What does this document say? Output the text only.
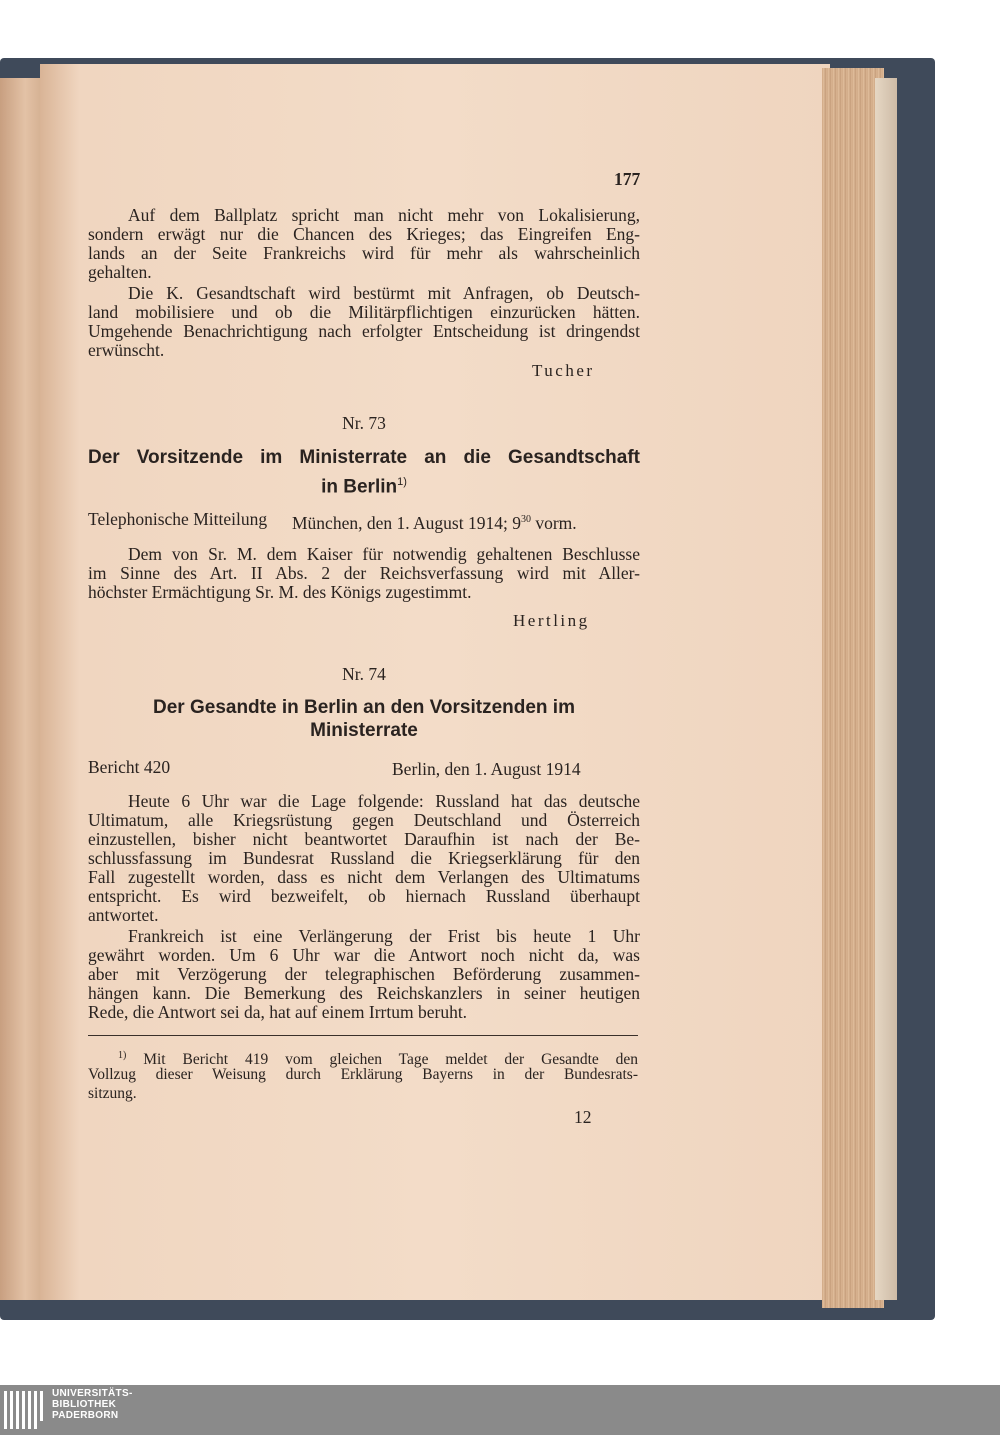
177
Auf dem Ballplatz spricht man nicht mehr von Lokalisierung,
sondern erwägt nur die Chancen des Krieges; das Eingreifen Eng-
lands an der Seite Frankreichs wird für mehr als wahrscheinlich
gehalten.
Die K. Gesandtschaft wird bestürmt mit Anfragen, ob Deutsch-
land mobilisiere und ob die Militärpflichtigen einzurücken hätten.
Umgehende Benachrichtigung nach erfolgter Entscheidung ist dringendst
erwünscht.
Tucher
Nr. 73
Der Vorsitzende im Ministerrate an die Gesandtschaft
in Berlin$^{1)}$
Telephonische Mitteilung München, den 1. August 1914; $9^{30}$ vorm.
Dem von Sr. M. dem Kaiser für notwendig gehaltenen Beschlusse
im Sinne des Art. II Abs. 2 der Reichsverfassung wird mit Aller-
höchster Ermächtigung Sr. M. des Königs zugestimmt.
Hertling
Nr. 74
Der Gesandte in Berlin an den Vorsitzenden im
Ministerrate
Bericht 420	Berlin, den 1. August 1914
Heute 6 Uhr war die Lage folgende: Russland hat das deutsche
Ultimatum, alle Kriegsrüstung gegen Deutschland und Österreich
einzustellen, bisher nicht beantwortet Daraufhin ist nach der Be-
schlussfassung im Bundesrat Russland die Kriegserklärung für den
Fall zugestellt worden, dass es nicht dem Verlangen des Ultimatums
entspricht. Es wird bezweifelt, ob hiernach Russland überhaupt
antwortet.
Frankreich ist eine Verlängerung der Frist bis heute 1 Uhr
gewährt worden. Um 6 Uhr war die Antwort noch nicht da, was
aber mit Verzögerung der telegraphischen Beförderung zusammen-
hängen kann. Die Bemerkung des Reichskanzlers in seiner heutigen
Rede, die Antwort sei da, hat auf einem Irrtum beruht.
$^{1)}$ Mit Bericht 419 vom gleichen Tage meldet der Gesandte den
Vollzug dieser Weisung durch Erklärung Bayerns in der Bundesrats-
sitzung.
12
UNIVERSITÄTS-
BIBLIOTHEK
PADERBORN
